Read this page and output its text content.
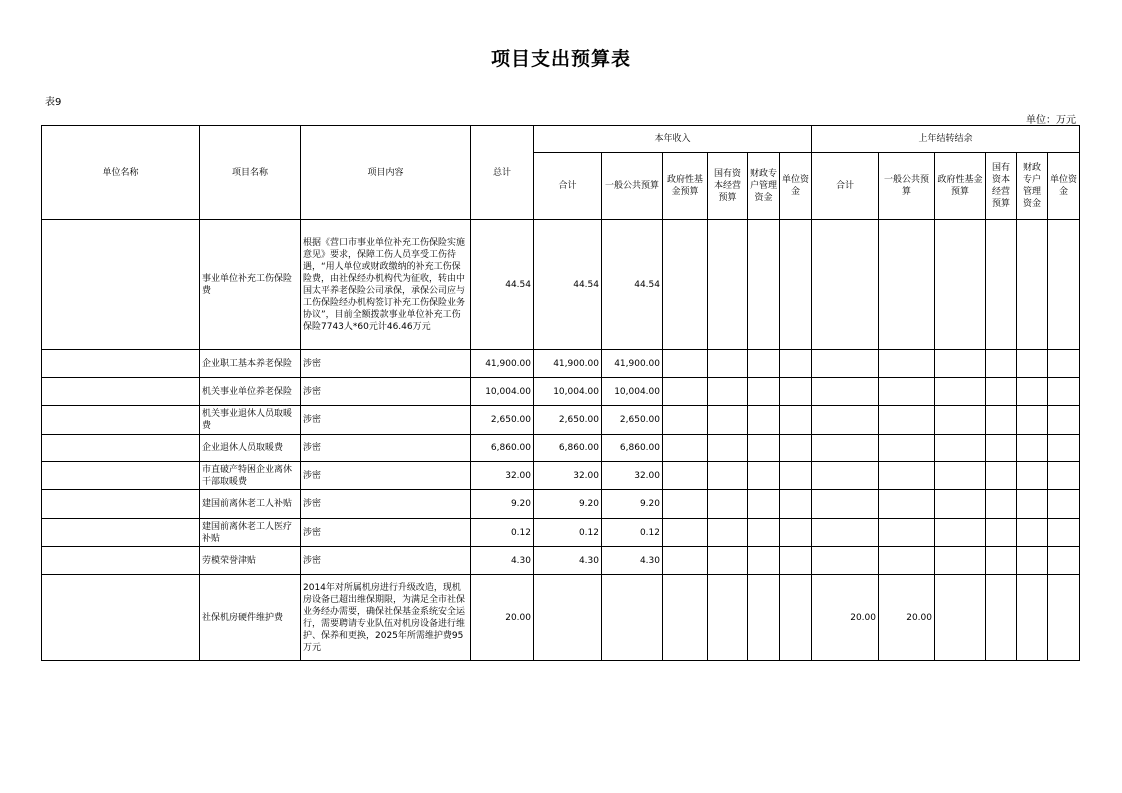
项目支出预算表
表9
单位：万元
单位名称	项目名称	项目内容	总计	本年收入						上年结转结余					
				合计	一般公共预算	政府性基金预算	国有资本经营预算	财政专户管理资金	单位资金	合计	一般公共预算	政府性基金预算	国有资本经营预算	财政专户管理资金	单位资金
	事业单位补充工伤保险费	根据《营口市事业单位补充工伤保险实施意见》要求，保障工伤人员享受工伤待遇，“用人单位或财政缴纳的补充工伤保险费，由社保经办机构代为征收，转由中国太平养老保险公司承保，承保公司应与工伤保险经办机构签订补充工伤保险业务协议”，目前全额拨款事业单位补充工伤保险7743人*60元计46.46万元	44.54	44.54	44.54										
	企业职工基本养老保险	涉密	41,900.00	41,900.00	41,900.00										
	机关事业单位养老保险	涉密	10,004.00	10,004.00	10,004.00										
	机关事业退休人员取暖费	涉密	2,650.00	2,650.00	2,650.00										
	企业退休人员取暖费	涉密	6,860.00	6,860.00	6,860.00										
	市直破产特困企业离休干部取暖费	涉密	32.00	32.00	32.00										
	建国前离休老工人补贴	涉密	9.20	9.20	9.20										
	建国前离休老工人医疗补贴	涉密	0.12	0.12	0.12										
	劳模荣誉津贴	涉密	4.30	4.30	4.30										
	社保机房硬件维护费	2014年对所属机房进行升级改造，现机房设备已超出维保期限，为满足全市社保业务经办需要，确保社保基金系统安全运行，需要聘请专业队伍对机房设备进行维护、保养和更换，2025年所需维护费95万元	20.00							20.00	20.00				
